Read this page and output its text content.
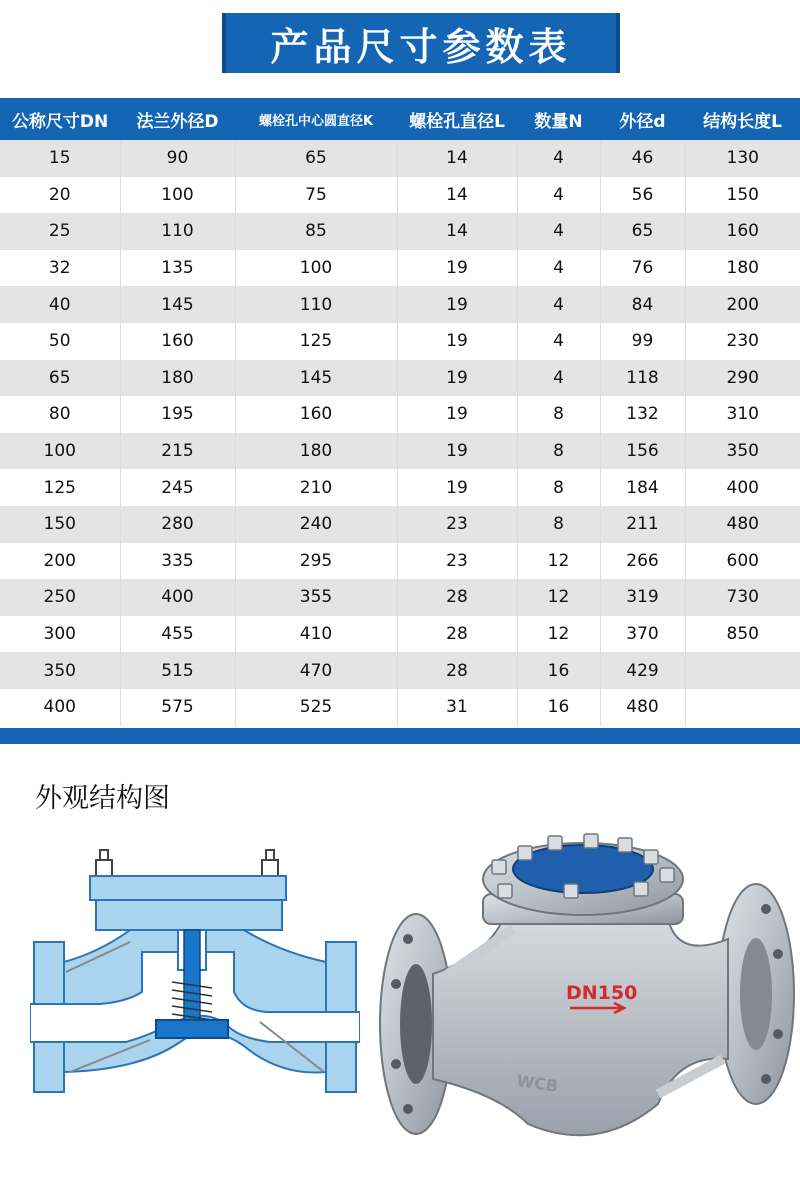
产品尺寸参数表
公称尺寸DN	法兰外径D	螺栓孔中心圆直径K	螺栓孔直径L	数量N	外径d	结构长度L
15	90	65	14	4	46	130
20	100	75	14	4	56	150
25	110	85	14	4	65	160
32	135	100	19	4	76	180
40	145	110	19	4	84	200
50	160	125	19	4	99	230
65	180	145	19	4	118	290
80	195	160	19	8	132	310
100	215	180	19	8	156	350
125	245	210	19	8	184	400
150	280	240	23	8	211	480
200	335	295	23	12	266	600
250	400	355	28	12	319	730
300	455	410	28	12	370	850
350	515	470	28	16	429	
400	575	525	31	16	480	
外观结构图
DN150
WCB
